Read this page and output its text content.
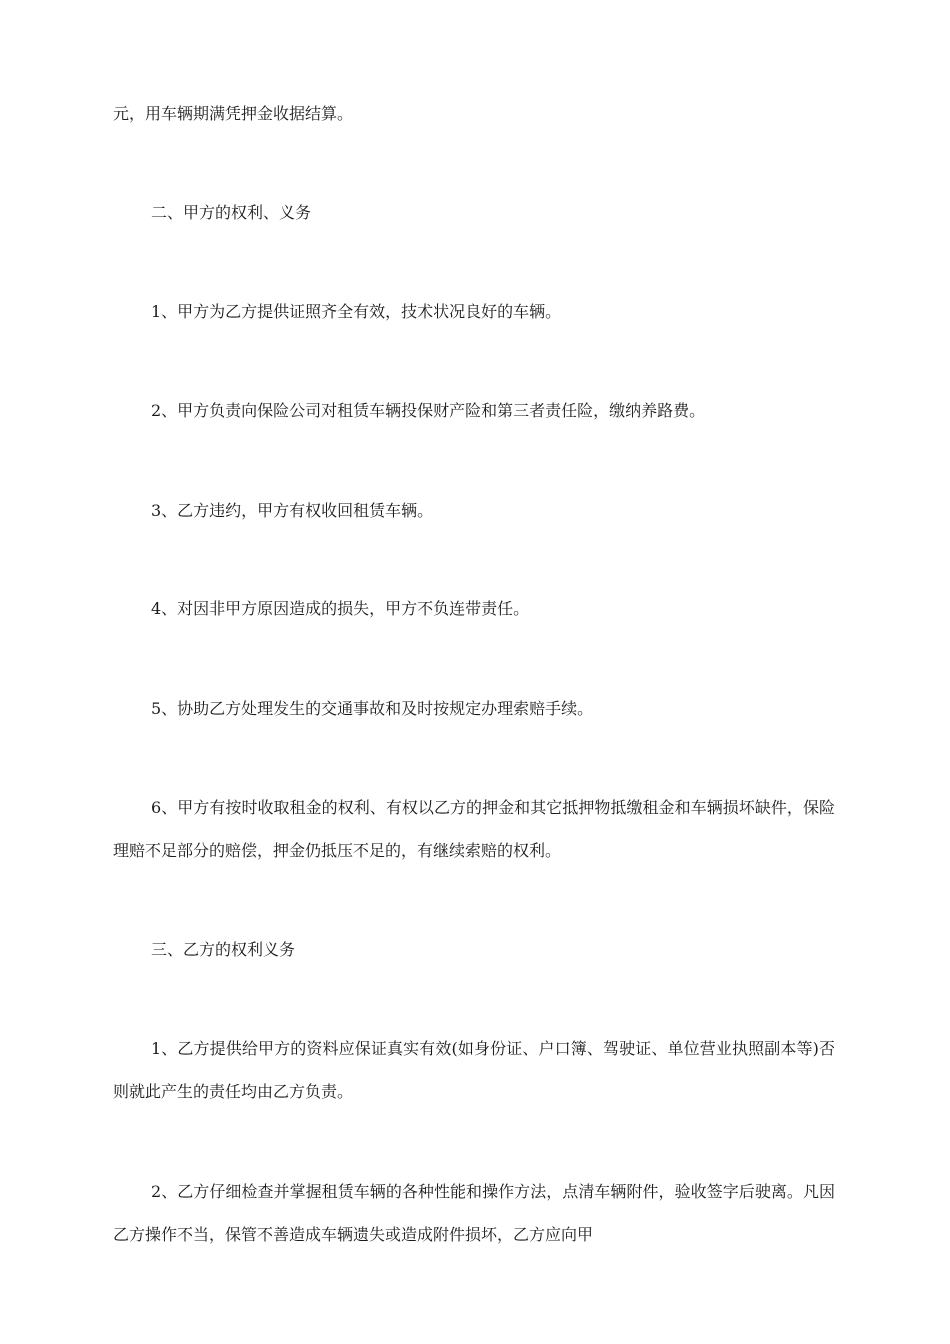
元，用车辆期满凭押金收据结算。

二、甲方的权利、义务

1、甲方为乙方提供证照齐全有效，技术状况良好的车辆。

2、甲方负责向保险公司对租赁车辆投保财产险和第三者责任险，缴纳养路费。

3、乙方违约，甲方有权收回租赁车辆。

4、对因非甲方原因造成的损失，甲方不负连带责任。

5、协助乙方处理发生的交通事故和及时按规定办理索赔手续。

6、甲方有按时收取租金的权利、有权以乙方的押金和其它抵押物抵缴租金和车辆损坏缺件，保险理赔不足部分的赔偿，押金仍抵压不足的，有继续索赔的权利。

三、乙方的权利义务

1、乙方提供给甲方的资料应保证真实有效(如身份证、户口簿、驾驶证、单位营业执照副本等)否则就此产生的责任均由乙方负责。

2、乙方仔细检查并掌握租赁车辆的各种性能和操作方法，点清车辆附件，验收签字后驶离。凡因乙方操作不当，保管不善造成车辆遗失或造成附件损坏，乙方应向甲
